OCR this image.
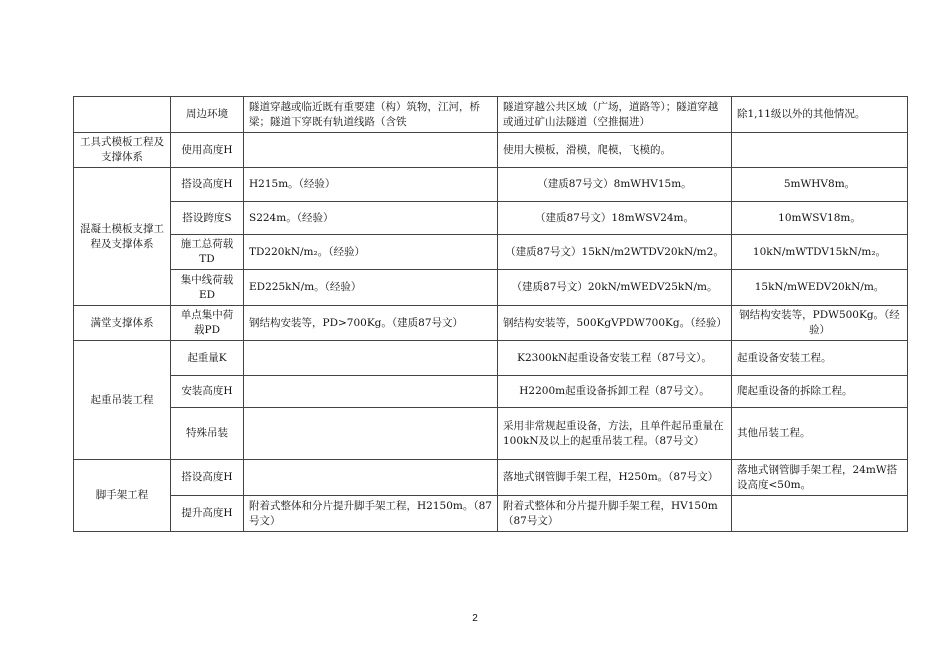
	周边环境	隧道穿越或临近既有重要建（构）筑物，江河，桥梁；隧道下穿既有轨道线路（含铁	隧道穿越公共区域（广场，道路等）；隧道穿越或通过矿山法隧道（空推掘进）	除1,11级以外的其他情况。
工具式模板工程及支撑体系	使用高度H		使用大模板，滑模，爬模，飞模的。	
混凝土模板支撑工程及支撑体系	搭设高度H	H215m。（经验）	（建质87号文）8mWHV15m。	5mWHV8m。
	搭设跨度S	S224m。（经验）	（建质87号文）18mWSV24m。	10mWSV18m。
	施工总荷载TD	TD220kN/m₂。（经验）	（建质87号文）15kN/m2WTDV20kN/m2。	10kN/mWTDV15kN/m₂。
	集中线荷载ED	ED225kN/m。（经验）	（建质87号文）20kN/mWEDV25kN/m。	15kN/mWEDV20kN/m。
满堂支撑体系	单点集中荷载PD	钢结构安装等，PD>700Kg。（建质87号文）	钢结构安装等，500KgVPDW700Kg。（经验）	钢结构安装等，PDW500Kg。（经验）
起重吊装工程	起重量K		K2300kN起重设备安装工程（87号文）。	起重设备安装工程。
	安装高度H		H2200m起重设备拆卸工程（87号文）。	爬起重设备的拆除工程。
	特殊吊装		采用非常规起重设备，方法，且单件起吊重量在100kN及以上的起重吊装工程。（87号文）	其他吊装工程。
脚手架工程	搭设高度H		落地式钢管脚手架工程，H250m。（87号文）	落地式钢管脚手架工程，24mW搭设高度<50m。
	提升高度H	附着式整体和分片提升脚手架工程，H2150m。（87号文）	附着式整体和分片提升脚手架工程，HV150m（87号文）	
2
